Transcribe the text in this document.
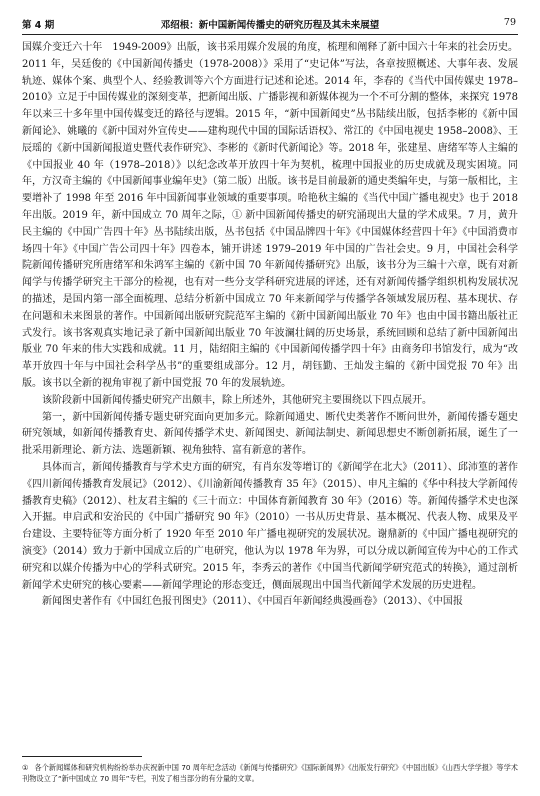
第 4 期	邓绍根：新中国新闻传播史的研究历程及其未来展望	79

国媒介变迁六十年　1949-2009》出版，该书采用媒介发展的角度，梳理和阐释了新中国六十年来的社会历史。2011 年，吴廷俊的《中国新闻传播史（1978-2008）》采用了“史记体”写法，各章按照概述、大事年表、发展轨迹、媒体个案、典型个人、经验教训等六个方面进行记述和论述。2014 年，李春的《当代中国传媒史 1978–2010》立足于中国传媒业的深刻变革，把新闻出版、广播影视和新媒体视为一个不可分割的整体，来探究 1978 年以来三十多年里中国传媒变迁的路径与逻辑。2015 年，“新中国新闻史”丛书陆续出版，包括李彬的《新中国新闻论》、姚曦的《新中国对外宣传史——建构现代中国的国际话语权》、常江的《中国电视史 1958–2008》、王辰瑶的《新中国新闻报道史暨代表作研究》、李彬的《新时代新闻论》等。2018 年，张建星、唐绪军等人主编的《中国报业 40 年（1978–2018）》以纪念改革开放四十年为契机，梳理中国报业的历史成就及现实困境。同年，方汉奇主编的《中国新闻事业编年史》（第二版）出版。该书是目前最新的通史类编年史，与第一版相比，主要增补了 1998 年至 2016 年中国新闻事业领域的重要事项。哈艳秋主编的《当代中国广播电视史》也于 2018 年出版。2019 年，新中国成立 70 周年之际，① 新中国新闻传播史的研究涌现出大量的学术成果。7 月，黄升民主编的《中国广告四十年》丛书陆续出版，丛书包括《中国品牌四十年》《中国媒体经营四十年》《中国消费市场四十年》《中国广告公司四十年》四卷本，铺开讲述 1979–2019 年中国的广告社会史。9 月，中国社会科学院新闻传播研究所唐绪军和朱鸿军主编的《新中国 70 年新闻传播研究》出版，该书分为三编十六章，既有对新闻学与传播学研究主干部分的检视，也有对一些分支学科研究进展的评述，还有对新闻传播学组织机构发展状况的描述，是国内第一部全面梳理、总结分析新中国成立 70 年来新闻学与传播学各领域发展历程、基本现状、存在问题和未来图景的著作。中国新闻出版研究院范军主编的《新中国新闻出版业 70 年》也由中国书籍出版社正式发行。该书客观真实地记录了新中国新闻出版业 70 年波澜壮阔的历史场景，系统回顾和总结了新中国新闻出版业 70 年来的伟大实践和成就。11 月，陆绍阳主编的《中国新闻传播学四十年》由商务印书馆发行，成为“改革开放四十年与中国社会科学丛书”的重要组成部分。12 月，胡钰勤、王灿发主编的《新中国党报 70 年》出版。该书以全新的视角审视了新中国党报 70 年的发展轨迹。

该阶段新中国新闻传播史研究产出颇丰，除上所述外，其他研究主要围绕以下四点展开。

第一，新中国新闻传播专题史研究面向更加多元。除新闻通史、断代史类著作不断问世外，新闻传播专题史研究领域，如新闻传播教育史、新闻传播学术史、新闻图史、新闻法制史、新闻思想史不断创新拓展，诞生了一批采用新理论、新方法、选题新颖、视角独特、富有新意的著作。

具体而言，新闻传播教育与学术史方面的研究，有肖东发等增订的《新闻学在北大》（2011）、邱沛篁的著作《四川新闻传播教育发展记》（2012）、《川渝新闻传播教育 35 年》（2015）、申凡主编的《华中科技大学新闻传播教育史稿》（2012）、杜友君主编的《三十而立：中国体育新闻教育 30 年》（2016）等。新闻传播学术史也深入开掘。申启武和安治民的《中国广播研究 90 年》（2010）一书从历史背景、基本概况、代表人物、成果及平台建设、主要特征等方面分析了 1920 年至 2010 年广播电视研究的发展状况。谢鼎新的《中国广播电视研究的演变》（2014）致力于新中国成立后的广电研究，他认为以 1978 年为界，可以分成以新闻宣传为中心的工作式研究和以媒介传播为中心的学科式研究。2015 年，李秀云的著作《中国当代新闻学研究范式的转换》，通过剖析新闻学术史研究的核心要素——新闻学理论的形态变迁，侧面展现出中国当代新闻学术发展的历史进程。

新闻图史著作有《中国红色报刊图史》（2011）、《中国百年新闻经典漫画卷》（2013）、《中国报

① 各个新闻媒体和研究机构纷纷举办庆祝新中国 70 周年纪念活动《新闻与传播研究》《国际新闻界》《出版发行研究》《中国出版》《山西大学学报》等学术刊物设立了“新中国成立 70 周年”专栏，刊发了相当部分的有分量的文章。
